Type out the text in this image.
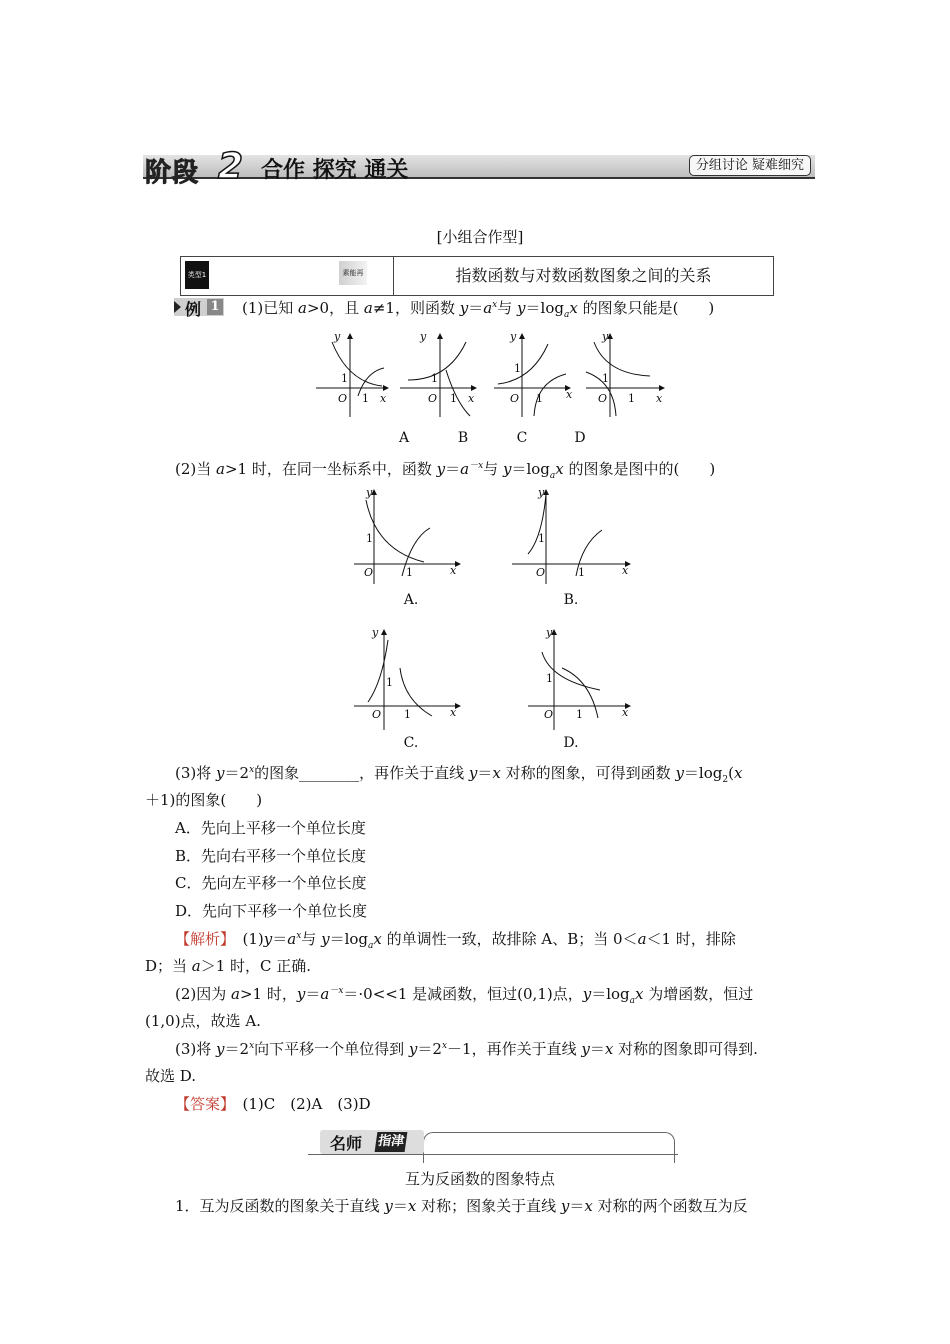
阶段 2 合作 探究 通关	分组讨论 疑难细究
[小组合作型]
类型1	素能再	指数函数与对数函数图象之间的关系
例 1 (1)已知 a>0，且 a≠1，则函数 $y=a^x$与 $y=\log_ax$ 的图象只能是(　　)
y
x
O
y
x
O
y
x
O
y
x
O
1
1
1
1
1
1
1
1
A	B	C	D
(2)当 a>1 时，在同一坐标系中，函数 $y=a^{-x}$与 $y=\log_ax$ 的图象是图中的(　　)
y
x
O
y
x
O
y
x
O
y
x
O
1
1
1
1
1
1
1
1
A.	B.
C.	D.
(3)将 $y=2^x$的图象________，再作关于直线 y＝x 对称的图象，可得到函数 $y=\log_2(x$
＋1)的图象(　　)
A．先向上平移一个单位长度
B．先向右平移一个单位长度
C．先向左平移一个单位长度
D．先向下平移一个单位长度
【解析】　$(1)y=a^x$与 $y=\log_ax$ 的单调性一致，故排除 A、B；当 0＜a＜1 时，排除
D；当 a＞1 时，C 正确.
(2)因为 a>1 时，$y=a^{-x}=\cdot 0<<1$ 是减函数，恒过(0,1)点，$y=\log_ax$ 为增函数，恒过
(1,0)点，故选 A.
(3)将 $y=2^x$向下平移一个单位得到 $y=2^x-1$，再作关于直线 y＝x 对称的图象即可得到.
故选 D.
【答案】　(1)C　(2)A　(3)D
名师 指津
互为反函数的图象特点
1．互为反函数的图象关于直线 y＝x 对称；图象关于直线 y＝x 对称的两个函数互为反
